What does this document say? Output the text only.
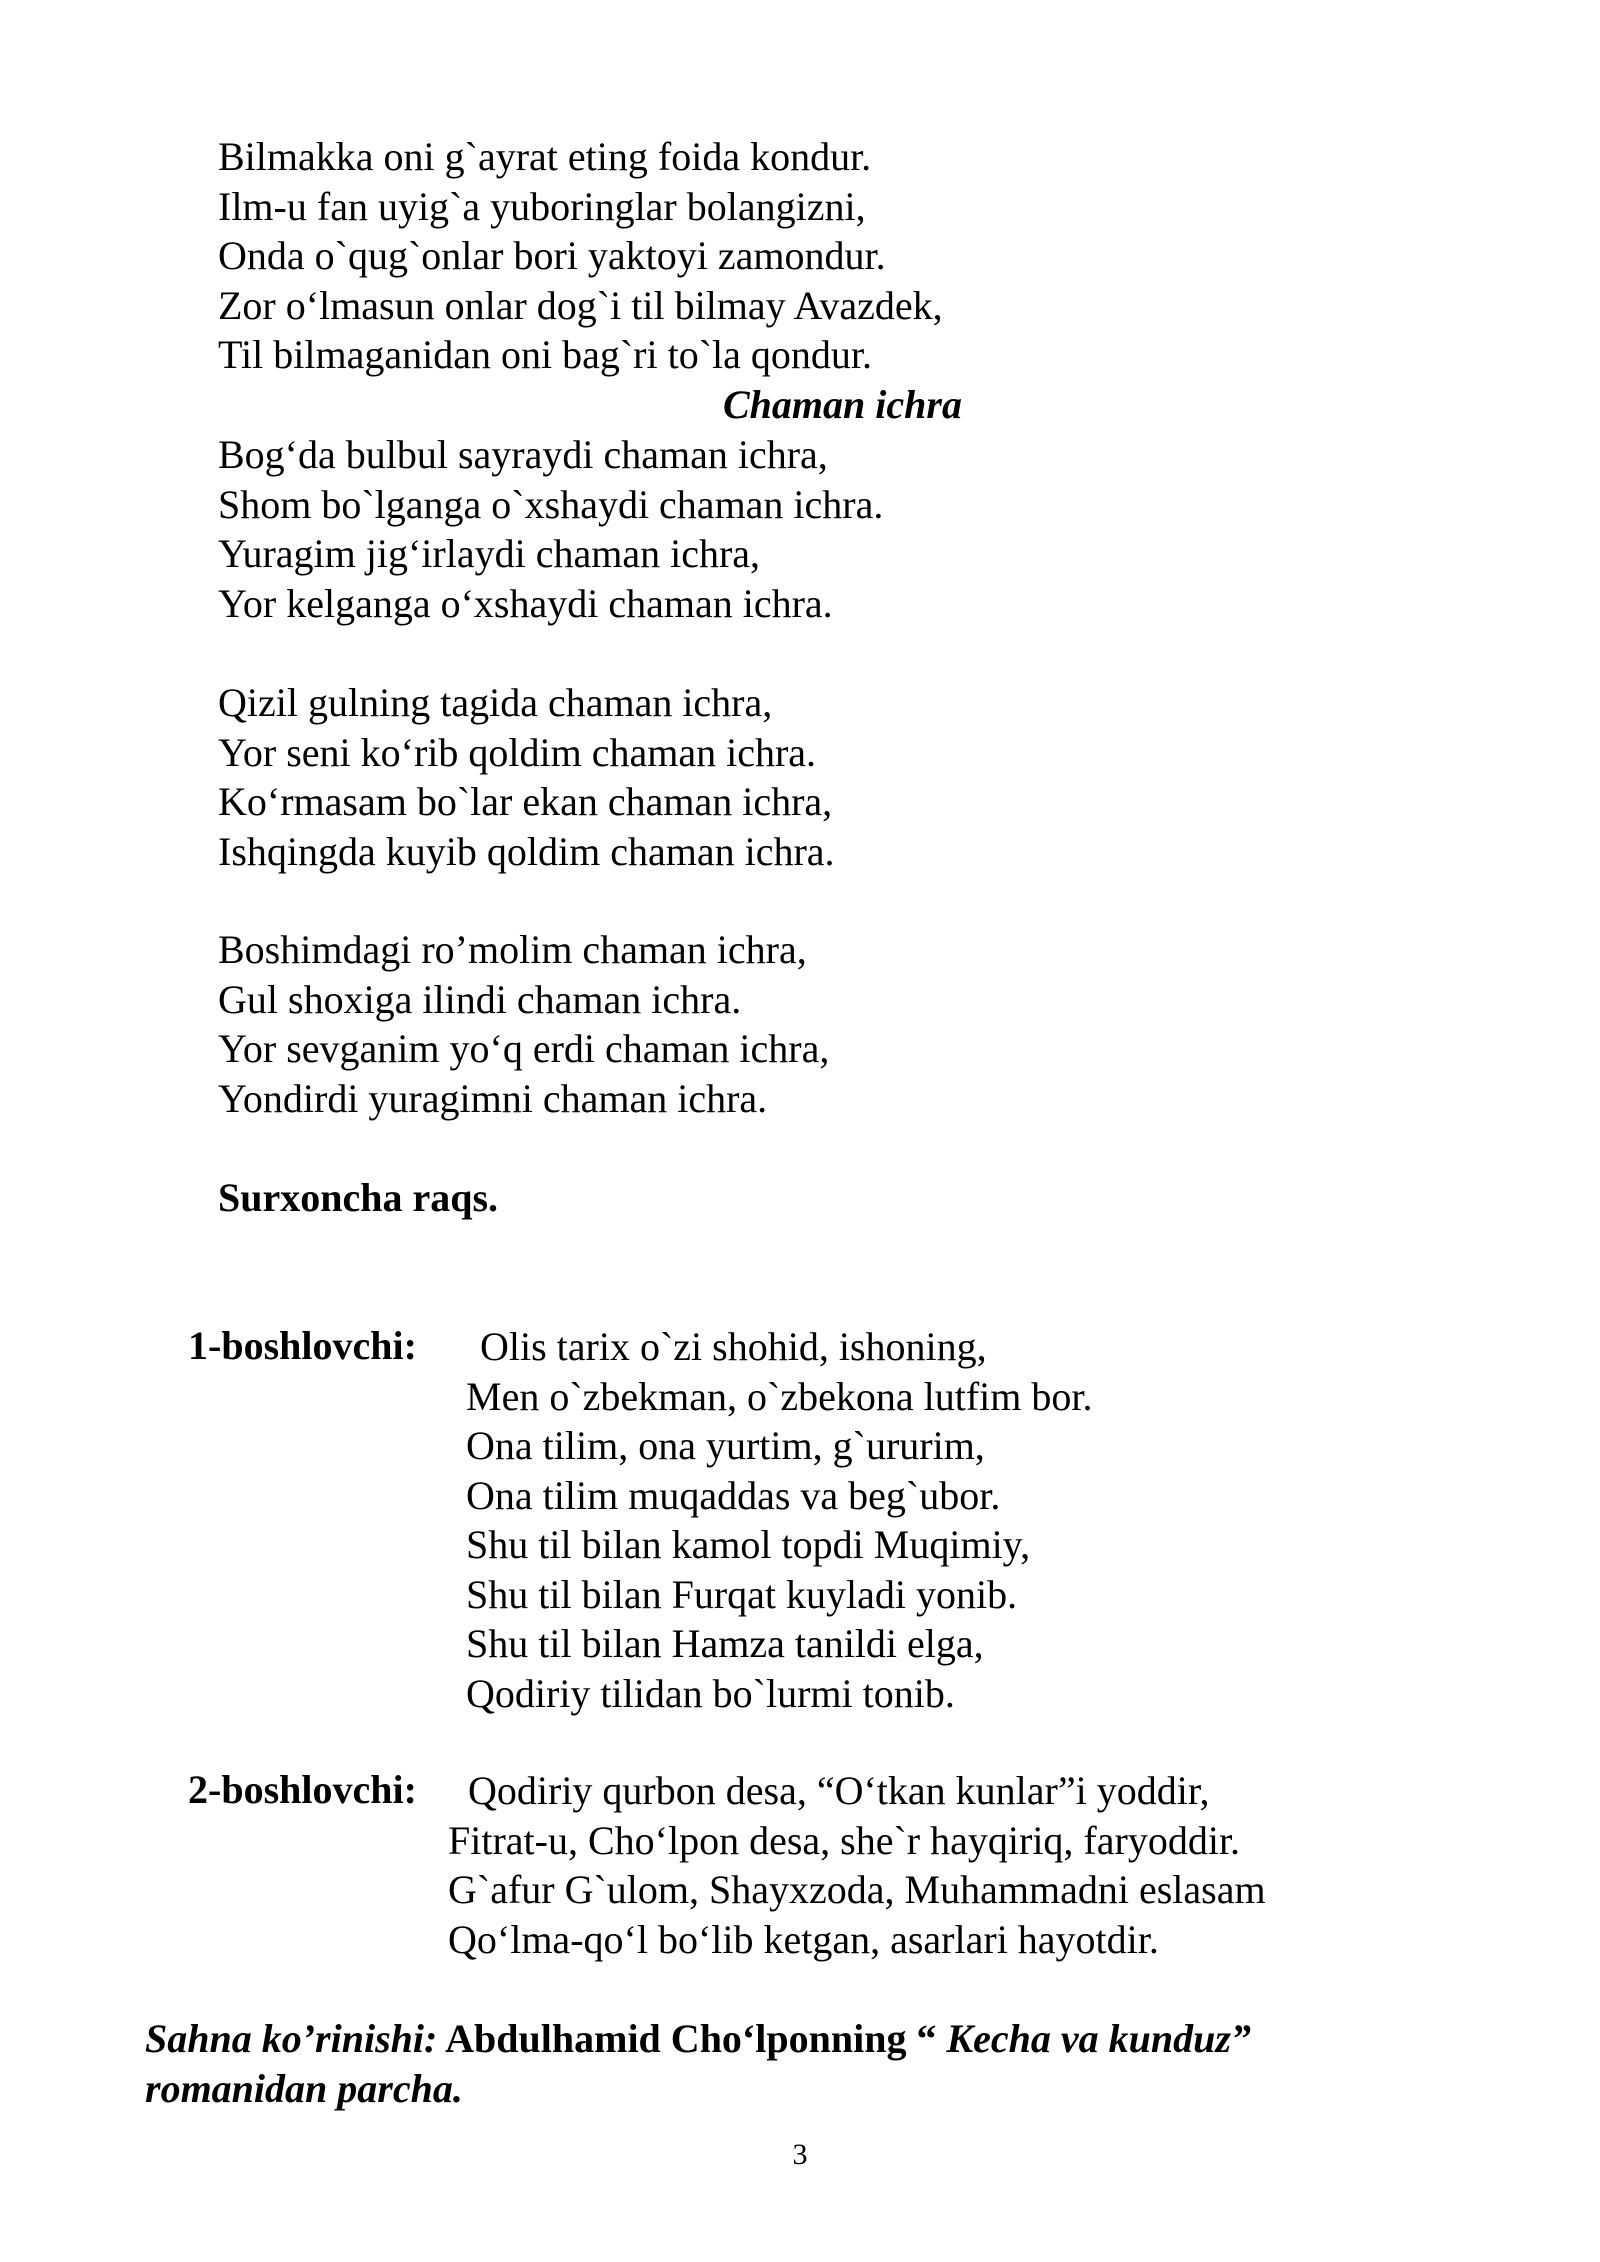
Bilmakka oni g`ayrat eting foida kondur.
Ilm-u fan uyig`a yuboringlar bolangizni,
Onda o`qug`onlar bori yaktoyi zamondur.
Zor o‘lmasun onlar dog`i til bilmay Avazdek,
Til bilmaganidan oni bag`ri to`la qondur.
Chaman ichra
Bog‘da bulbul sayraydi chaman ichra,
Shom bo`lganga o`xshaydi chaman ichra.
Yuragim jig‘irlaydi chaman ichra,
Yor kelganga o‘xshaydi chaman ichra.
Qizil gulning tagida chaman ichra,
Yor seni ko‘rib qoldim chaman ichra.
Ko‘rmasam bo`lar ekan chaman ichra,
Ishqingda kuyib qoldim chaman ichra.
Boshimdagi ro’molim chaman ichra,
Gul shoxiga ilindi chaman ichra.
Yor sevganim yo‘q erdi chaman ichra,
Yondirdi yuragimni chaman ichra.
Surxoncha raqs.
1-boshlovchi:	Olis tarix o`zi shohid, ishoning,
Men o`zbekman, o`zbekona lutfim bor.
Ona tilim, ona yurtim, g`ururim,
Ona tilim muqaddas va beg`ubor.
Shu til bilan kamol topdi Muqimiy,
Shu til bilan Furqat kuyladi yonib.
Shu til bilan Hamza tanildi elga,
Qodiriy tilidan bo`lurmi tonib.
2-boshlovchi:	Qodiriy qurbon desa, “O‘tkan kunlar”i yoddir,
Fitrat-u, Cho‘lpon desa, she`r hayqiriq, faryoddir.
G`afur G`ulom, Shayxzoda, Muhammadni eslasam
Qo‘lma-qo‘l bo‘lib ketgan, asarlari hayotdir.
Sahna ko’rinishi: Abdulhamid Cho‘lponning “ Kecha va kunduz”
romanidan parcha.
3
